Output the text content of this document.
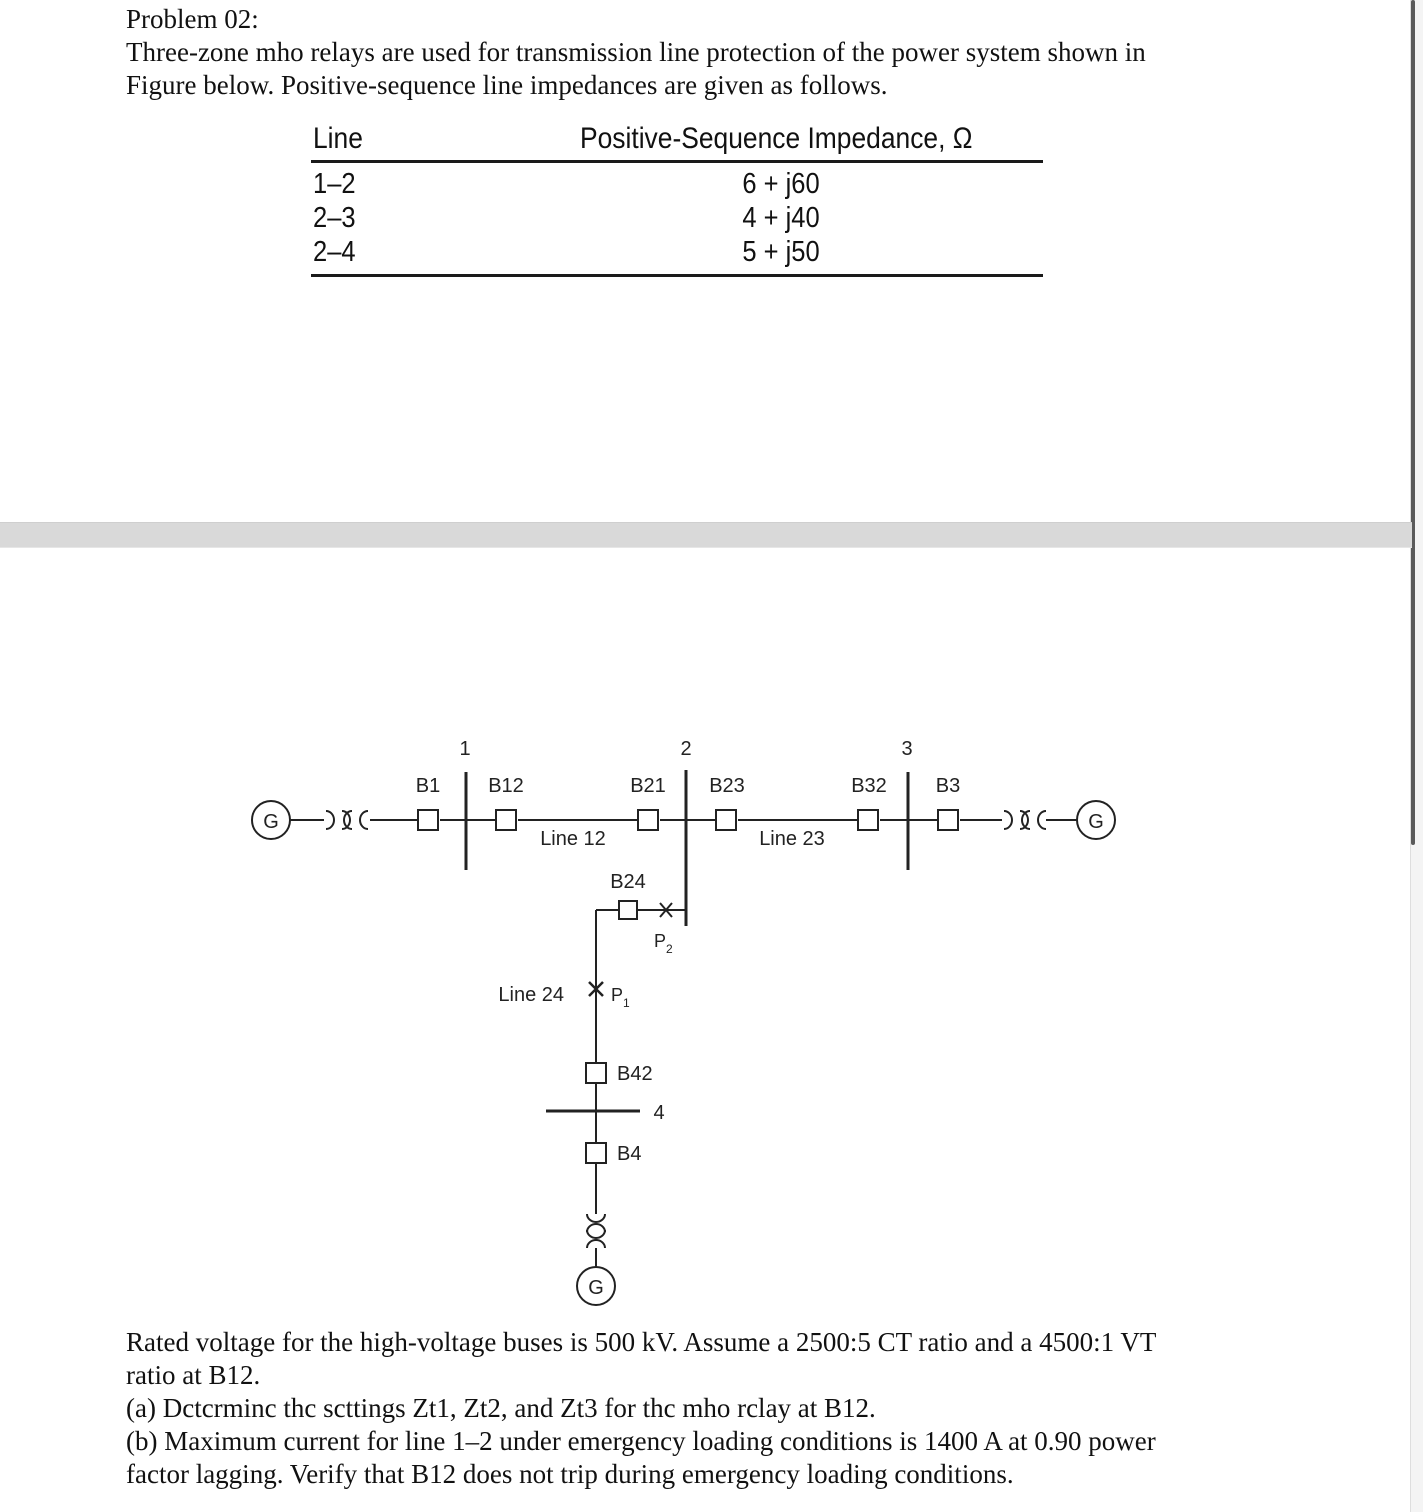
Problem 02:
Three-zone mho relays are used for transmission line protection of the power system shown in
Figure below. Positive-sequence line impedances are given as follows.
Line	Positive-Sequence Impedance, Ω
1–2	6 + j60
2–3	4 + j40
2–4	5 + j50
G	G
G
1	2	3
4
B1 B12	B21 B23	B32 B3
B24
B42
B4
Line 12	Line 23
Line 24
$P_2$
$P_1$
Rated voltage for the high-voltage buses is 500 kV. Assume a 2500:5 CT ratio and a 4500:1 VT
ratio at B12.
(a) Dctcrminc thc scttings Zt1, Zt2, and Zt3 for thc mho rclay at B12.
(b) Maximum current for line 1–2 under emergency loading conditions is 1400 A at 0.90 power
factor lagging. Verify that B12 does not trip during emergency loading conditions.
